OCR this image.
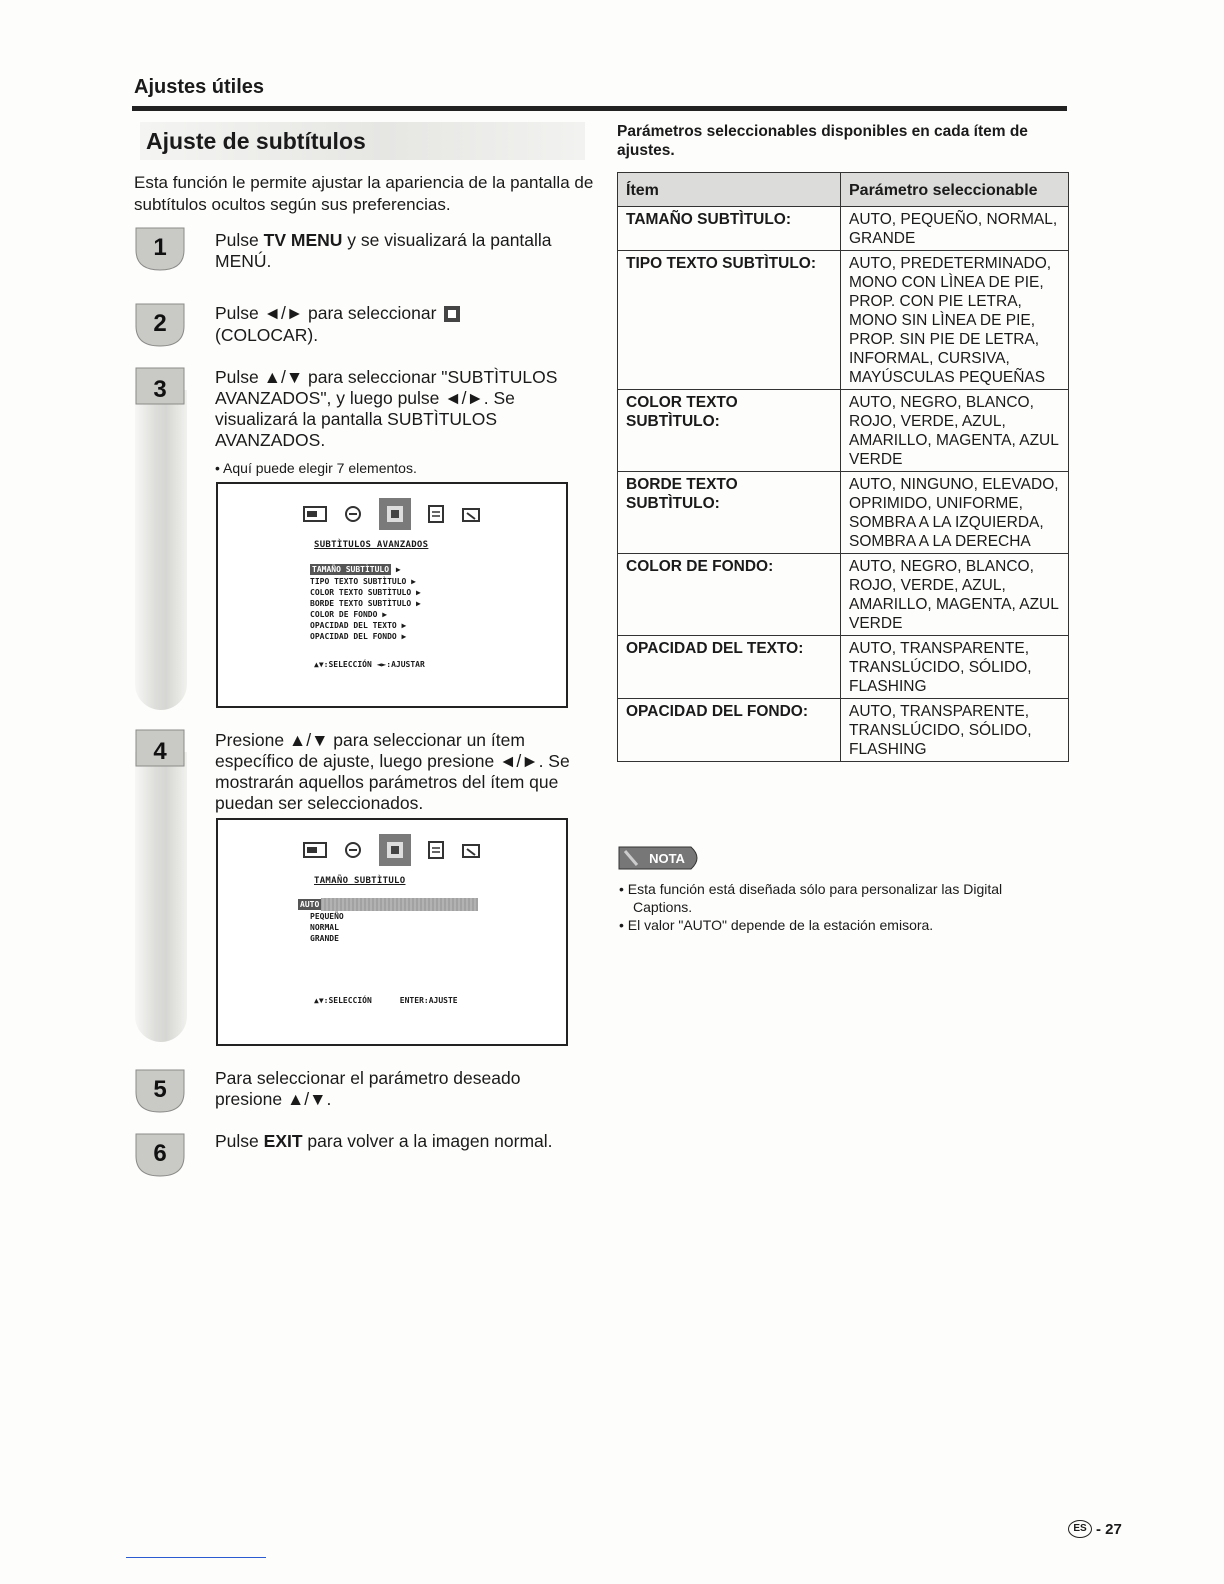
Ajustes útiles
Ajuste de subtítulos
Esta función le permite ajustar la apariencia de la pantalla de subtítulos ocultos según sus preferencias.
1
2
3
4
5
6
Pulse TV MENU y se visualizará la pantalla MENÚ.
Pulse ◄/► para seleccionar
(COLOCAR).
Pulse ▲/▼ para seleccionar "SUBTÌTULOS AVANZADOS", y luego pulse ◄/►. Se visualizará la pantalla SUBTÌTULOS AVANZADOS.
• Aquí puede elegir 7 elementos.
SUBTÌTULOS AVANZADOS
TAMAÑO SUBTÌTULO ▶
TIPO TEXTO SUBTÌTULO ▶
COLOR TEXTO SUBTÌTULO ▶
BORDE TEXTO SUBTÌTULO ▶
COLOR DE FONDO ▶
OPACIDAD DEL TEXTO ▶
OPACIDAD DEL FONDO ▶
▲▼:SELECCIÓN ◄►:AJUSTAR
Presione ▲/▼ para seleccionar un ítem específico de ajuste, luego presione ◄/►. Se mostrarán aquellos parámetros del ítem que puedan ser seleccionados.
TAMAÑO SUBTÌTULO
AUTO
PEQUEÑO
NORMAL
GRANDE
▲▼:SELECCIÓN	ENTER:AJUSTE
Para seleccionar el parámetro deseado presione ▲/▼.
Pulse EXIT para volver a la imagen normal.
Parámetros seleccionables disponibles en cada ítem de ajustes.
Ítem	Parámetro seleccionable
TAMAÑO SUBTÌTULO:	AUTO, PEQUEÑO, NORMAL, GRANDE
TIPO TEXTO SUBTÌTULO:	AUTO, PREDETERMINADO, MONO CON LÌNEA DE PIE, PROP. CON PIE LETRA, MONO SIN LÌNEA DE PIE, PROP. SIN PIE DE LETRA, INFORMAL, CURSIVA, MAYÚSCULAS PEQUEÑAS
COLOR TEXTO SUBTÌTULO:	AUTO, NEGRO, BLANCO, ROJO, VERDE, AZUL, AMARILLO, MAGENTA, AZUL VERDE
BORDE TEXTO SUBTÌTULO:	AUTO, NINGUNO, ELEVADO, OPRIMIDO, UNIFORME, SOMBRA A LA IZQUIERDA, SOMBRA A LA DERECHA
COLOR DE FONDO:	AUTO, NEGRO, BLANCO, ROJO, VERDE, AZUL, AMARILLO, MAGENTA, AZUL VERDE
OPACIDAD DEL TEXTO:	AUTO, TRANSPARENTE, TRANSLÚCIDO, SÓLIDO, FLASHING
OPACIDAD DEL FONDO:	AUTO, TRANSPARENTE, TRANSLÚCIDO, SÓLIDO, FLASHING
NOTA
• Esta función está diseñada sólo para personalizar las Digital Captions.
• El valor "AUTO" depende de la estación emisora.
ES - 27
